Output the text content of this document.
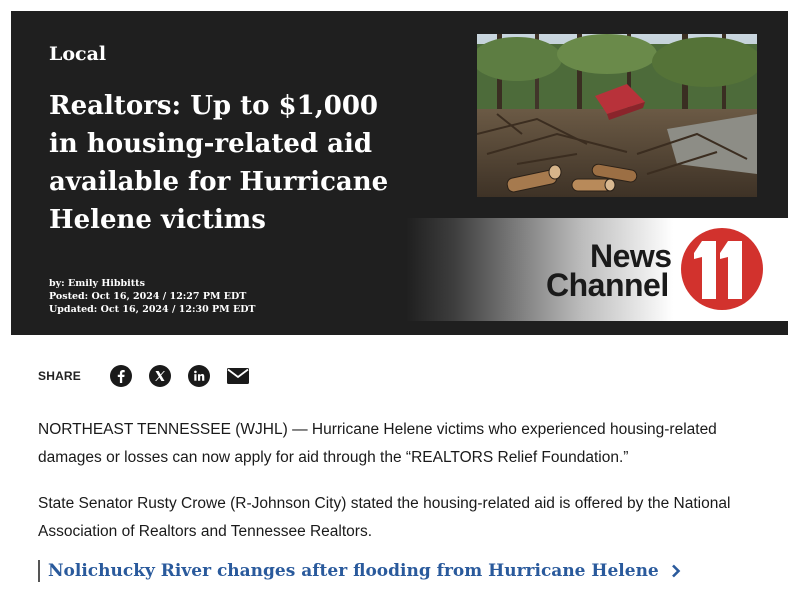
Local
Realtors: Up to $1,000 in housing-related aid available for Hurricane Helene victims
by: Emily Hibbitts
Posted: Oct 16, 2024 / 12:27 PM EDT
Updated: Oct 16, 2024 / 12:30 PM EDT
News
Channel
SHARE

NORTHEAST TENNESSEE (WJHL) — Hurricane Helene victims who experienced housing-related damages or losses can now apply for aid through the “REALTORS Relief Foundation.”

State Senator Rusty Crowe (R-Johnson City) stated the housing-related aid is offered by the National Association of Realtors and Tennessee Realtors.

Nolichucky River changes after flooding from Hurricane Helene
